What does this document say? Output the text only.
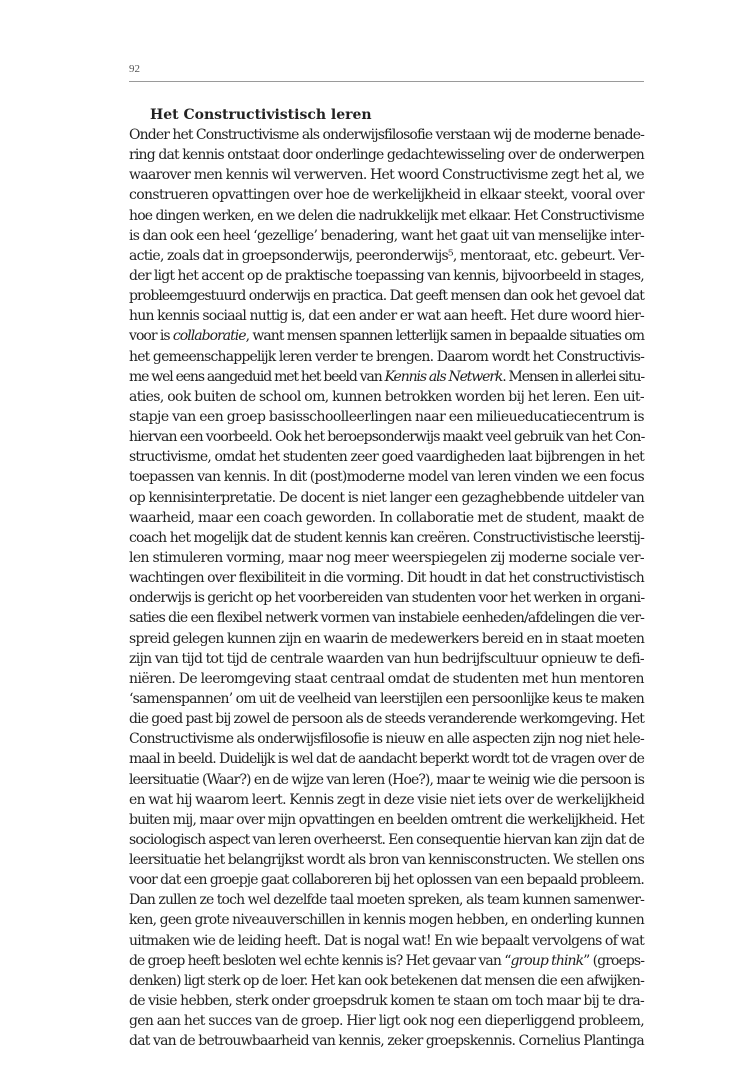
92
Het Constructivistisch leren
Onder het Constructivisme als onderwijsfilosofie verstaan wij de moderne benade-
ring dat kennis ontstaat door onderlinge gedachtewisseling over de onderwerpen
waarover men kennis wil verwerven. Het woord Constructivisme zegt het al, we
construeren opvattingen over hoe de werkelijkheid in elkaar steekt, vooral over
hoe dingen werken, en we delen die nadrukkelijk met elkaar. Het Constructivisme
is dan ook een heel ‘gezellige’ benadering, want het gaat uit van menselijke inter-
actie, zoals dat in groepsonderwijs, peeronderwijs⁵, mentoraat, etc. gebeurt. Ver-
der ligt het accent op de praktische toepassing van kennis, bijvoorbeeld in stages,
probleemgestuurd onderwijs en practica. Dat geeft mensen dan ook het gevoel dat
hun kennis sociaal nuttig is, dat een ander er wat aan heeft. Het dure woord hier-
voor is collaboratie, want mensen spannen letterlijk samen in bepaalde situaties om
het gemeenschappelijk leren verder te brengen. Daarom wordt het Constructivis-
me wel eens aangeduid met het beeld van Kennis als Netwerk. Mensen in allerlei situ-
aties, ook buiten de school om, kunnen betrokken worden bij het leren. Een uit-
stapje van een groep basisschoolleerlingen naar een milieueducatiecentrum is
hiervan een voorbeeld. Ook het beroepsonderwijs maakt veel gebruik van het Con-
structivisme, omdat het studenten zeer goed vaardigheden laat bijbrengen in het
toepassen van kennis. In dit (post)moderne model van leren vinden we een focus
op kennisinterpretatie. De docent is niet langer een gezaghebbende uitdeler van
waarheid, maar een coach geworden. In collaboratie met de student, maakt de
coach het mogelijk dat de student kennis kan creëren. Constructivistische leerstij-
len stimuleren vorming, maar nog meer weerspiegelen zij moderne sociale ver-
wachtingen over flexibiliteit in die vorming. Dit houdt in dat het constructivistisch
onderwijs is gericht op het voorbereiden van studenten voor het werken in organi-
saties die een flexibel netwerk vormen van instabiele eenheden/afdelingen die ver-
spreid gelegen kunnen zijn en waarin de medewerkers bereid en in staat moeten
zijn van tijd tot tijd de centrale waarden van hun bedrijfscultuur opnieuw te defi-
niëren. De leeromgeving staat centraal omdat de studenten met hun mentoren
‘samenspannen’ om uit de veelheid van leerstijlen een persoonlijke keus te maken
die goed past bij zowel de persoon als de steeds veranderende werkomgeving. Het
Constructivisme als onderwijsfilosofie is nieuw en alle aspecten zijn nog niet hele-
maal in beeld. Duidelijk is wel dat de aandacht beperkt wordt tot de vragen over de
leersituatie (Waar?) en de wijze van leren (Hoe?), maar te weinig wie die persoon is
en wat hij waarom leert. Kennis zegt in deze visie niet iets over de werkelijkheid
buiten mij, maar over mijn opvattingen en beelden omtrent die werkelijkheid. Het
sociologisch aspect van leren overheerst. Een consequentie hiervan kan zijn dat de
leersituatie het belangrijkst wordt als bron van kennisconstructen. We stellen ons
voor dat een groepje gaat collaboreren bij het oplossen van een bepaald probleem.
Dan zullen ze toch wel dezelfde taal moeten spreken, als team kunnen samenwer-
ken, geen grote niveauverschillen in kennis mogen hebben, en onderling kunnen
uitmaken wie de leiding heeft. Dat is nogal wat! En wie bepaalt vervolgens of wat
de groep heeft besloten wel echte kennis is? Het gevaar van “group think” (groeps-
denken) ligt sterk op de loer. Het kan ook betekenen dat mensen die een afwijken-
de visie hebben, sterk onder groepsdruk komen te staan om toch maar bij te dra-
gen aan het succes van de groep. Hier ligt ook nog een dieperliggend probleem,
dat van de betrouwbaarheid van kennis, zeker groepskennis. Cornelius Plantinga
